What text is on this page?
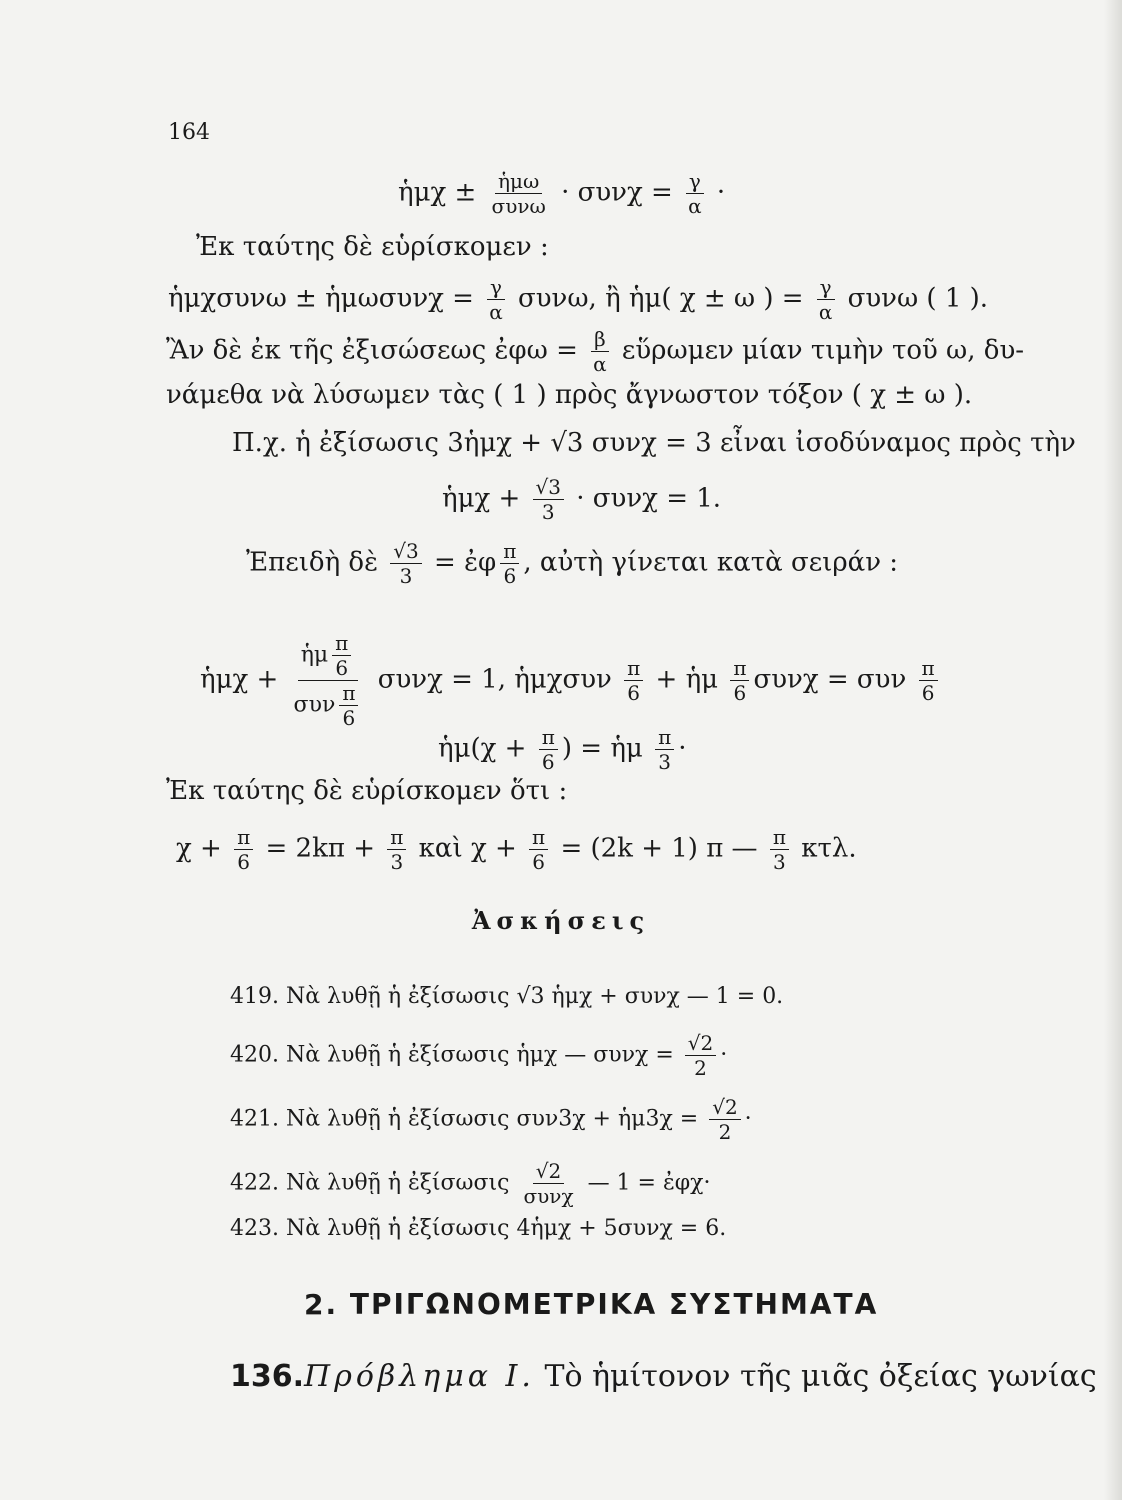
164
ἡμχ ± $\frac{\text{ἡμω}}{\text{συνω}} \cdot \sigma\upsilon\nu\chi = \frac{\gamma}{\alpha}$ ·
Ἐκ ταύτης δὲ εὑρίσκομεν :
ἡμχσυνω ± ἡμωσυνχ = $\frac{\gamma}{\alpha} \sigma\upsilon\nu\omega$, ἢ ἡμ( χ ± ω ) = $\frac{\gamma}{\alpha}$ συνω ( 1 ).
Ἂν δὲ ἐκ τῆς ἐξισώσεως ἐφω = $\frac{\beta}{\alpha}$ εὕρωμεν μίαν τιμὴν τοῦ ω, δυ-
νάμεθα νὰ λύσωμεν τὰς ( 1 ) πρὸς ἄγνωστον τόξον ( χ ± ω ).
Π.χ. ἡ ἐξίσωσις 3ἡμχ + √3 συνχ = 3 εἶναι ἰσοδύναμος πρὸς τὴν
ἡμχ + $\frac{√3}{3} \cdot \sigma\upsilon\nu\chi = 1$.
Ἐπειδὴ δὲ $\frac{√3}{3}$ = ἐφ $\frac{\pi}{6}$ , αὐτὴ γίνεται κατὰ σειράν :
ἡμχ + $\frac{ἡ\mu \frac{\pi}{6}}{\sigma\upsilon\nu \frac{\pi}{6}}$ συνχ = 1, ἡμχσυν $\frac{\pi}{6}$ + ἡμ $\frac{\pi}{6}$ συνχ = συν $\frac{\pi}{6}$
ἡμ(χ + $\frac{\pi}{6}$ ) = ἡμ $\frac{\pi}{3}$ ·
Ἐκ ταύτης δὲ εὑρίσκομεν ὅτι :
$\chi + \frac{\pi}{6} = 2k\pi + \frac{\pi}{3}$ καὶ $\chi + \frac{\pi}{6} = (2k + 1)$ π — $\frac{\pi}{3} \kappa\tau\lambda$.
Ἀσκήσεις
419. Νὰ λυθῇ ἡ ἐξίσωσις √3 ἡμχ + συνχ — 1 = 0.
420. Νὰ λυθῇ ἡ ἐξίσωσις ἡμχ — $\sigma\upsilon\nu\chi = \frac{√2}{2}$ ·
421. Νὰ λυθῇ ἡ ἐξίσωσις συν3χ + ἡμ3χ = $\frac{√2}{2}$ ·
422. Νὰ λυθῇ ἡ ἐξίσωσις $\frac{√2}{\text{συνχ}}$ — 1 = ἐφχ·
423. Νὰ λυθῇ ἡ ἐξίσωσις 4ἡμχ + 5συνχ = 6.
2. ΤΡΙΓΩΝΟΜΕΤΡΙΚΑ ΣΥΣΤΗΜΑΤΑ
136.Πρόβλημα Ι. Τὸ ἡμίτονον τῆς μιᾶς ὀξείας γωνίας
